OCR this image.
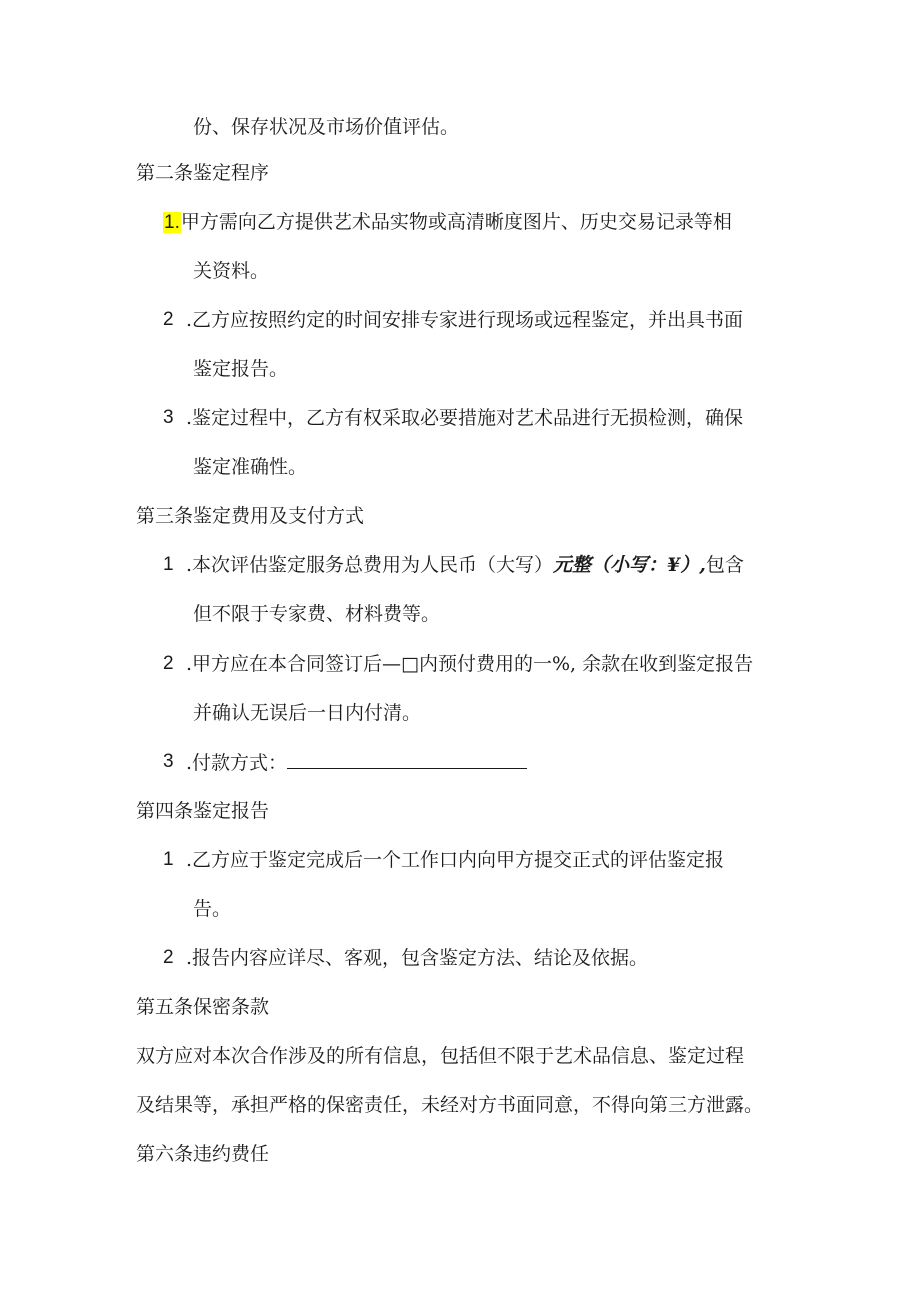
份、保存状况及市场价值评估。
第二条鉴定程序
1.甲方需向乙方提供艺术品实物或高清晰度图片、历史交易记录等相
关资料。
2 .乙方应按照约定的时间安排专家进行现场或远程鉴定，并出具书面
鉴定报告。
3 .鉴定过程中，乙方有权采取必要措施对艺术品进行无损检测，确保
鉴定准确性。
第三条鉴定费用及支付方式
1 .本次评估鉴定服务总费用为人民币（大写）元整（小写：¥）,包含
但不限于专家费、材料费等。
2 .甲方应在本合同签订后—□内预付费用的一%, 余款在收到鉴定报告
并确认无误后一日内付清。
3 .付款方式：
第四条鉴定报告
1 .乙方应于鉴定完成后一个工作口内向甲方提交正式的评估鉴定报
告。
2 .报告内容应详尽、客观，包含鉴定方法、结论及依据。
第五条保密条款
双方应对本次合作涉及的所有信息，包括但不限于艺术品信息、鉴定过程
及结果等，承担严格的保密责任，未经对方书面同意，不得向第三方泄露。
第六条违约费任
